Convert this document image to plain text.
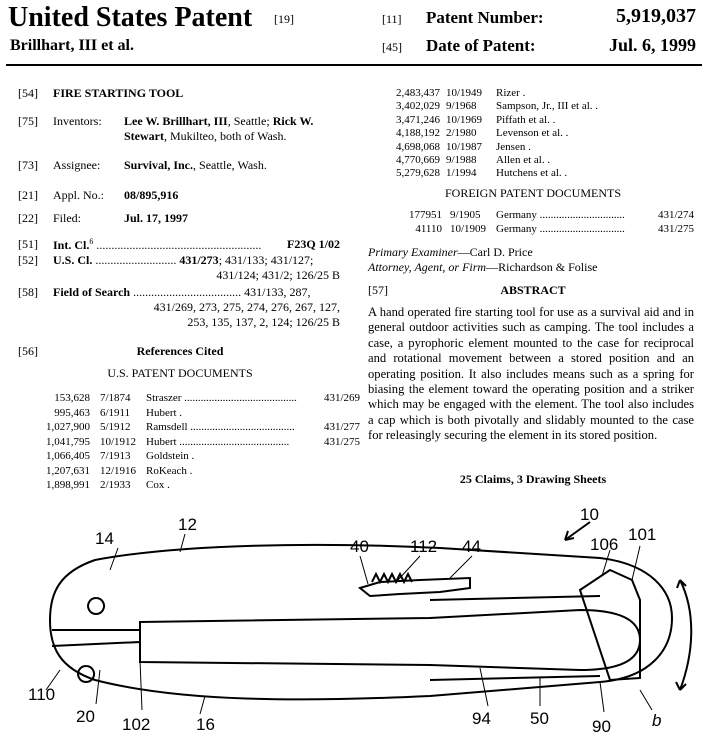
United States Patent [19]
Brillhart, III et al.
[11] Patent Number:	5,919,037
[45] Date of Patent:	Jul. 6, 1999
[54] FIRE STARTING TOOL
[75] Inventors: Lee W. Brillhart, III, Seattle; Rick W.
Stewart, Mukilteo, both of Wash.
[73] Assignee: Survival, Inc., Seattle, Wash.
[21] Appl. No.: 08/895,916
[22] Filed:	Jul. 17, 1997
[51] Int. Cl.$^6$ ....................................................... F23Q 1/02
[52] U.S. Cl. ........................... 431/273; 431/133; 431/127;
431/124; 431/2; 126/25 B
[58] Field of Search .................................... 431/133, 287,
431/269, 273, 275, 274, 276, 267, 127,
253, 135, 137, 2, 124; 126/25 B
[56]	References Cited
U.S. PATENT DOCUMENTS
153,628 7/1874 Straszer ......................................... 431/269
995,463 6/1911 Hubert .
1,027,900 5/1912 Ramsdell ......................................	431/277
1,041,795 10/1912 Hubert ........................................	431/275
1,066,405 7/1913 Goldstein .
1,207,631 12/1916 RoKeach .
1,898,991 2/1933 Cox .
2,483,437 10/1949 Rizer .
3,402,029 9/1968 Sampson, Jr., III et al. .
3,471,246 10/1969 Piffath et al. .
4,188,192 2/1980 Levenson et al. .
4,698,068 10/1987 Jensen .
4,770,669 9/1988 Allen et al. .
5,279,628 1/1994 Hutchens et al. .
FOREIGN PATENT DOCUMENTS
177951 9/1905 Germany ...............................	431/274
41110 10/1909 Germany ...............................	431/275
Primary Examiner—Carl D. Price
Attorney, Agent, or Firm—Richardson & Folise
[57]	ABSTRACT
A hand operated fire starting tool for use as a survival aid and in general outdoor activities such as camping. The tool includes a case, a pyrophoric element mounted to the case for reciprocal and rotational movement between a stored position and an operating position. It also includes means such as a spring for biasing the element toward the operating position and a striker which may be engaged with the element. The tool also includes a cap which is both pivotally and slidably mounted to the case for releasingly securing the element in its stored position.
25 Claims, 3 Drawing Sheets
10
101
106
14
12
40 112 44
110
20 102	16	94 50	90 b
